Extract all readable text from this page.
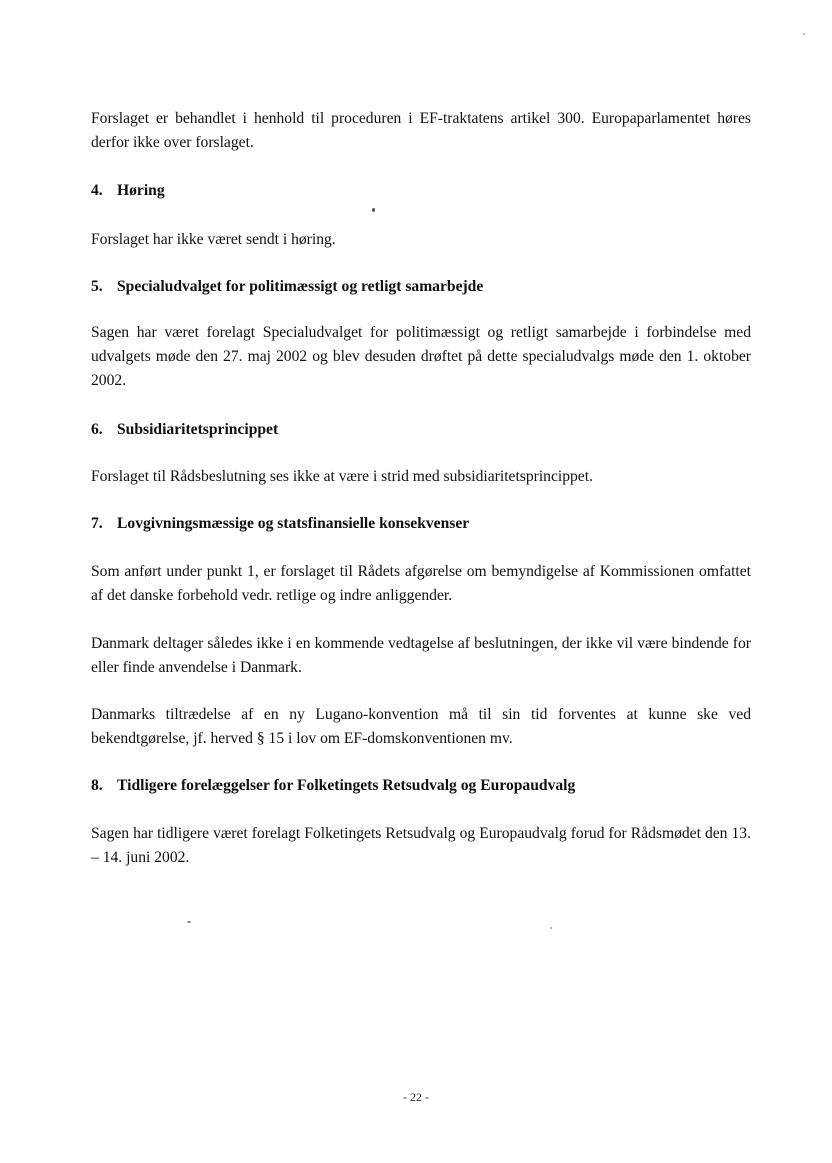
Forslaget er behandlet i henhold til proceduren i EF-traktatens artikel 300. Europaparlamentet høres derfor ikke over forslaget.

4. Høring

Forslaget har ikke været sendt i høring.

5. Specialudvalget for politimæssigt og retligt samarbejde

Sagen har været forelagt Specialudvalget for politimæssigt og retligt samarbejde i forbindelse med udvalgets møde den 27. maj 2002 og blev desuden drøftet på dette specialudvalgs møde den 1. oktober 2002.

6. Subsidiaritetsprincippet

Forslaget til Rådsbeslutning ses ikke at være i strid med subsidiaritetsprincippet.

7. Lovgivningsmæssige og statsfinansielle konsekvenser

Som anført under punkt 1, er forslaget til Rådets afgørelse om bemyndigelse af Kommissionen omfattet af det danske forbehold vedr. retlige og indre anliggender.

Danmark deltager således ikke i en kommende vedtagelse af beslutningen, der ikke vil være bindende for eller finde anvendelse i Danmark.

Danmarks tiltrædelse af en ny Lugano-konvention må til sin tid forventes at kunne ske ved bekendtgørelse, jf. herved § 15 i lov om EF-domskonventionen mv.

8. Tidligere forelæggelser for Folketingets Retsudvalg og Europaudvalg

Sagen har tidligere været forelagt Folketingets Retsudvalg og Europaudvalg forud for Rådsmødet den 13. – 14. juni 2002.

- 22 -
